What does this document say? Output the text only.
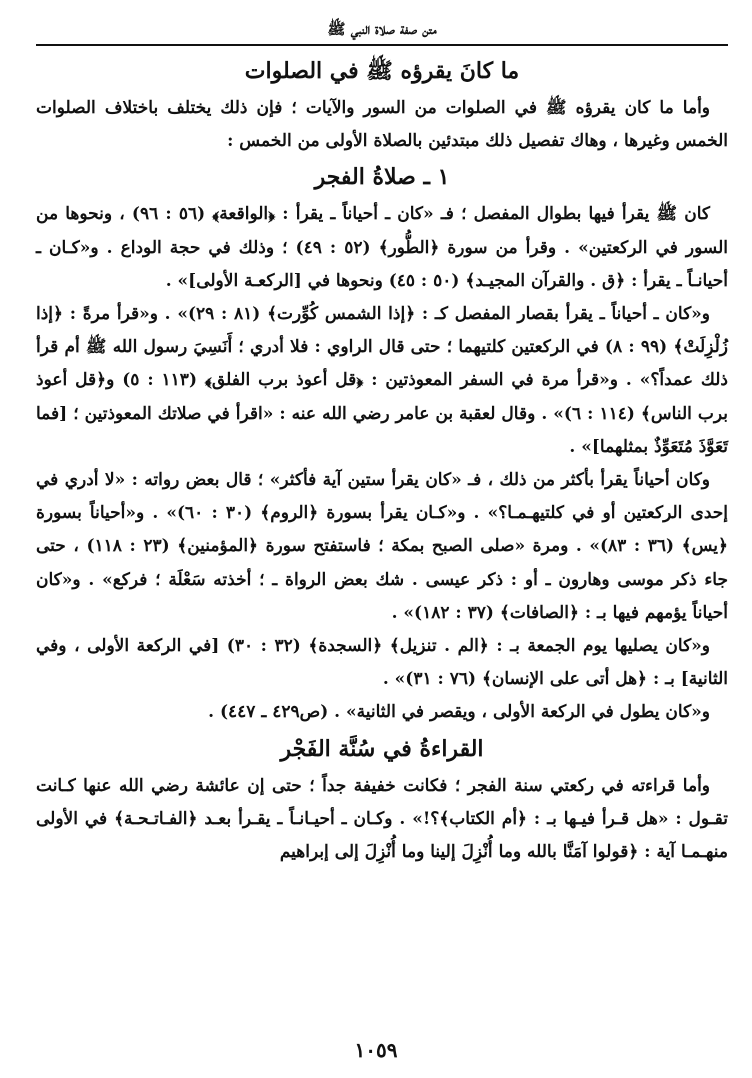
متن صفة صلاة النبي ﷺ
ما كانَ يقرؤه ﷺ في الصلوات

وأما ما كان يقرؤه ﷺ في الصلوات من السور والآيات ؛ فإن ذلك يختلف باختلاف الصلوات الخمس وغيرها ، وهاك تفصيل ذلك مبتدئين بالصلاة الأولى من الخمس :

١ ـ صلاةُ الفجر

كان ﷺ يقرأ فيها بطوال المفصل ؛ فـ «كان ـ أحياناً ـ يقرأ : ﴿الواقعة﴾ (٥٦ : ٩٦) ، ونحوها من السور في الركعتين» . وقرأ من سورة ﴿الطُّور﴾ (٥٢ : ٤٩) ؛ وذلك في حجة الوداع . و«كـان ـ أحيانـاً ـ يقرأ : ﴿ق . والقرآن المجيـد﴾ (٥٠ : ٤٥) ونحوها في [الركعـة الأولى]» .

و«كان ـ أحياناً ـ يقرأ بقصار المفصل كـ : ﴿إذا الشمس كُوِّرت﴾ (٨١ : ٢٩)» . و«قرأ مرةً : ﴿إذا زُلْزِلَتْ﴾ (٩٩ : ٨) في الركعتين كلتيهما ؛ حتى قال الراوي : فلا أدري ؛ أَنَسِيَ رسول الله ﷺ أم قرأ ذلك عمداً؟» . و«قرأ مرة في السفر المعوذتين : ﴿قل أعوذ برب الفلق﴾ (١١٣ : ٥) و﴿قل أعوذ برب الناس﴾ (١١٤ : ٦)» . وقال لعقبة بن عامر رضي الله عنه : «اقرأ في صلاتك المعوذتين ؛ [فما تَعَوَّذَ مُتَعَوِّذٌ بمثلهما]» .

وكان أحياناً يقرأ بأكثر من ذلك ، فـ «كان يقرأ ستين آية فأكثر» ؛ قال بعض رواته : «لا أدري في إحدى الركعتين أو في كلتيهـمـا؟» . و«كـان يقرأ بسورة ﴿الروم﴾ (٣٠ : ٦٠)» . و«أحياناً بسورة ﴿يس﴾ (٣٦ : ٨٣)» . ومرة «صلى الصبح بمكة ؛ فاستفتح سورة ﴿المؤمنين﴾ (٢٣ : ١١٨) ، حتى جاء ذكر موسى وهارون ـ أو : ذكر عيسى . شك بعض الرواة ـ ؛ أخذته سَعْلَة ؛ فركع» . و«كان أحياناً يؤمهم فيها بـ : ﴿الصافات﴾ (٣٧ : ١٨٢)» .

و«كان يصليها يوم الجمعة بـ : ﴿الم . تنزيل﴾ ﴿السجدة﴾ (٣٢ : ٣٠) [في الركعة الأولى ، وفي الثانية] بـ : ﴿هل أتى على الإنسان﴾ (٧٦ : ٣١)» .

و«كان يطول في الركعة الأولى ، ويقصر في الثانية» . (ص٤٢٩ ـ ٤٤٧) .

القراءةُ في سُنَّة الفَجْر

وأما قراءته في ركعتي سنة الفجر ؛ فكانت خفيفة جداً ؛ حتى إن عائشة رضي الله عنها كـانت تقـول : «هل قـرأ فيـها بـ : ﴿أم الكتاب﴾؟!» . وكـان ـ أحيـانـاً ـ يقـرأ بعـد ﴿الفـاتـحـة﴾ في الأولى منهـمـا آية : ﴿قولوا آمَنَّا بالله وما أُنْزِلَ إلينا وما أُنْزِلَ إلى إبراهيم

١٠٥٩
